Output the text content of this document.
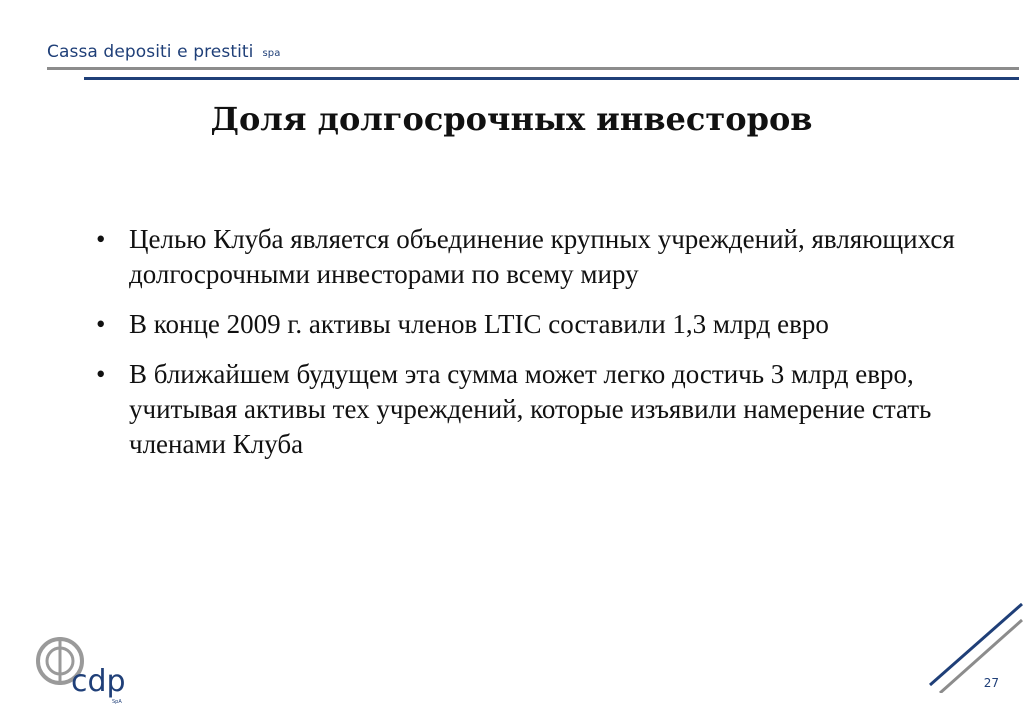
Cassa depositi e prestiti spa
Доля долгосрочных инвесторов
• Целью Клуба является объединение крупных учреждений, являющихся долгосрочными инвесторами по всему миру
• В конце 2009 г. активы членов LTIC составили 1,3 млрд евро
• В ближайшем будущем эта сумма может легко достичь 3 млрд евро, учитывая активы тех учреждений, которые изъявили намерение стать членами Клуба
cdp
SpA
27
